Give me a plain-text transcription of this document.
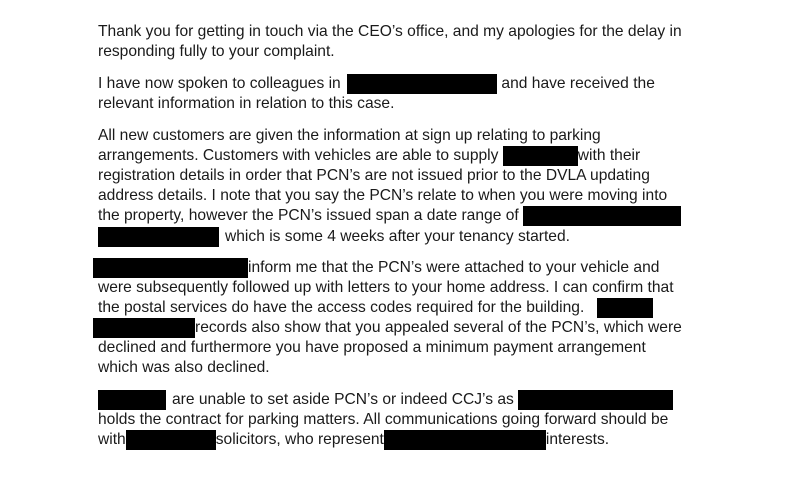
Thank you for getting in touch via the CEO’s office, and my apologies for the delay in
responding fully to your complaint.
I have now spoken to colleagues in	and have received the
relevant information in relation to this case.
All new customers are given the information at sign up relating to parking
arrangements. Customers with vehicles are able to supply	with their
registration details in order that PCN’s are not issued prior to the DVLA updating
address details. I note that you say the PCN’s relate to when you were moving into
the property, however the PCN’s issued span a date range of
which is some 4 weeks after your tenancy started.
inform me that the PCN’s were attached to your vehicle and
were subsequently followed up with letters to your home address. I can confirm that
the postal services do have the access codes required for the building.
records also show that you appealed several of the PCN’s, which were
declined and furthermore you have proposed a minimum payment arrangement
which was also declined.
are unable to set aside PCN’s or indeed CCJ’s as
holds the contract for parking matters. All communications going forward should be
with	solicitors, who represent	interests.
